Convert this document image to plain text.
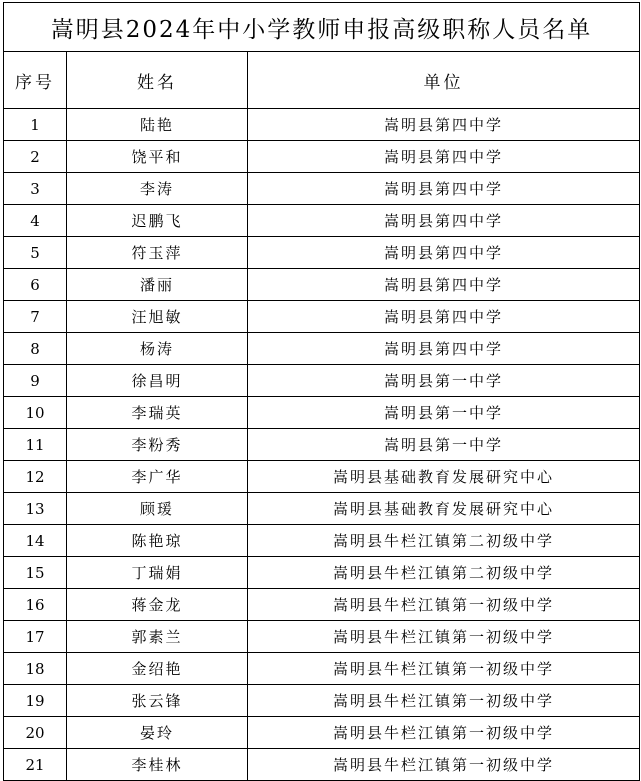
嵩明县2024年中小学教师申报高级职称人员名单		
序号	姓名	单位
1	陆艳	嵩明县第四中学
2	饶平和	嵩明县第四中学
3	李涛	嵩明县第四中学
4	迟鹏飞	嵩明县第四中学
5	符玉萍	嵩明县第四中学
6	潘丽	嵩明县第四中学
7	汪旭敏	嵩明县第四中学
8	杨涛	嵩明县第四中学
9	徐昌明	嵩明县第一中学
10	李瑞英	嵩明县第一中学
11	李粉秀	嵩明县第一中学
12	李广华	嵩明县基础教育发展研究中心
13	顾瑗	嵩明县基础教育发展研究中心
14	陈艳琼	嵩明县牛栏江镇第二初级中学
15	丁瑞娟	嵩明县牛栏江镇第二初级中学
16	蒋金龙	嵩明县牛栏江镇第一初级中学
17	郭素兰	嵩明县牛栏江镇第一初级中学
18	金绍艳	嵩明县牛栏江镇第一初级中学
19	张云锋	嵩明县牛栏江镇第一初级中学
20	晏玲	嵩明县牛栏江镇第一初级中学
21	李桂林	嵩明县牛栏江镇第一初级中学
